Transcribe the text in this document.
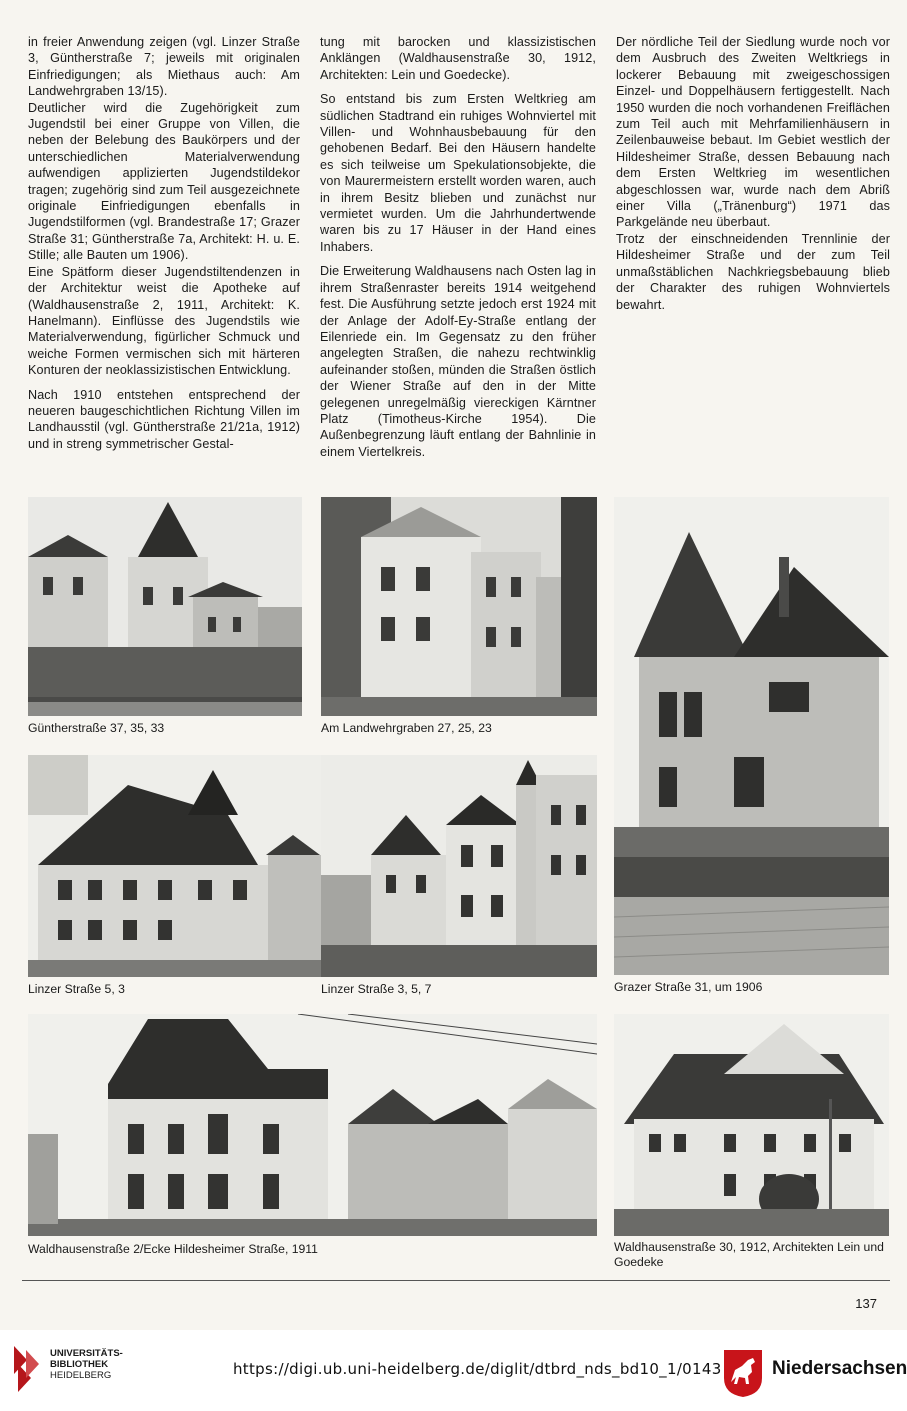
in freier Anwendung zeigen (vgl. Linzer Straße 3, Güntherstraße 7; jeweils mit originalen Einfriedigungen; als Miethaus auch: Am Landwehrgraben 13/15).

Deutlicher wird die Zugehörigkeit zum Jugendstil bei einer Gruppe von Villen, die neben der Belebung des Baukörpers und der unterschiedlichen Materialverwendung aufwendigen applizierten Jugendstildekor tragen; zugehörig sind zum Teil ausgezeichnete originale Einfriedigungen ebenfalls in Jugendstilformen (vgl. Brandestraße 17; Grazer Straße 31; Güntherstraße 7a, Architekt: H. u. E. Stille; alle Bauten um 1906).

Eine Spätform dieser Jugendstiltendenzen in der Architektur weist die Apotheke auf (Waldhausenstraße 2, 1911, Architekt: K. Hanelmann). Einflüsse des Jugendstils wie Materialverwendung, figürlicher Schmuck und weiche Formen vermischen sich mit härteren Konturen der neoklassizistischen Entwicklung.

Nach 1910 entstehen entsprechend der neueren baugeschichtlichen Richtung Villen im Landhausstil (vgl. Güntherstraße 21/21a, 1912) und in streng symmetrischer Gestal-

tung mit barocken und klassizistischen Anklängen (Waldhausenstraße 30, 1912, Architekten: Lein und Goedecke).

So entstand bis zum Ersten Weltkrieg am südlichen Stadtrand ein ruhiges Wohnviertel mit Villen- und Wohnhausbebauung für den gehobenen Bedarf. Bei den Häusern handelte es sich teilweise um Spekulationsobjekte, die von Maurermeistern erstellt worden waren, auch in ihrem Besitz blieben und zunächst nur vermietet wurden. Um die Jahrhundertwende waren bis zu 17 Häuser in der Hand eines Inhabers.

Die Erweiterung Waldhausens nach Osten lag in ihrem Straßenraster bereits 1914 weitgehend fest. Die Ausführung setzte jedoch erst 1924 mit der Anlage der Adolf-Ey-Straße entlang der Eilenriede ein. Im Gegensatz zu den früher angelegten Straßen, die nahezu rechtwinklig aufeinander stoßen, münden die Straßen östlich der Wiener Straße auf den in der Mitte gelegenen unregelmäßig viereckigen Kärntner Platz (Timotheus-Kirche 1954). Die Außenbegrenzung läuft entlang der Bahnlinie in einem Viertelkreis.

Der nördliche Teil der Siedlung wurde noch vor dem Ausbruch des Zweiten Weltkriegs in lockerer Bebauung mit zweigeschossigen Einzel- und Doppelhäusern fertiggestellt. Nach 1950 wurden die noch vorhandenen Freiflächen zum Teil auch mit Mehrfamilienhäusern in Zeilenbauweise bebaut. Im Gebiet westlich der Hildesheimer Straße, dessen Bebauung nach dem Ersten Weltkrieg im wesentlichen abgeschlossen war, wurde nach dem Abriß einer Villa („Tränenburg“) 1971 das Parkgelände neu überbaut.

Trotz der einschneidenden Trennlinie der Hildesheimer Straße und der zum Teil unmaßstäblichen Nachkriegsbebauung blieb der Charakter des ruhigen Wohnviertels bewahrt.

Güntherstraße 37, 35, 33	Am Landwehrgraben 27, 25, 23
Grazer Straße 31, um 1906
Linzer Straße 5, 3	Linzer Straße 3, 5, 7
Waldhausenstraße 2/Ecke Hildesheimer Straße, 1911	Waldhausenstraße 30, 1912, Architekten Lein und Goedeke
137
UNIVERSITÄTS-
BIBLIOTHEK
HEIDELBERG	https://digi.ub.uni-heidelberg.de/diglit/dtbrd_nds_bd10_1/0143	Niedersachsen
